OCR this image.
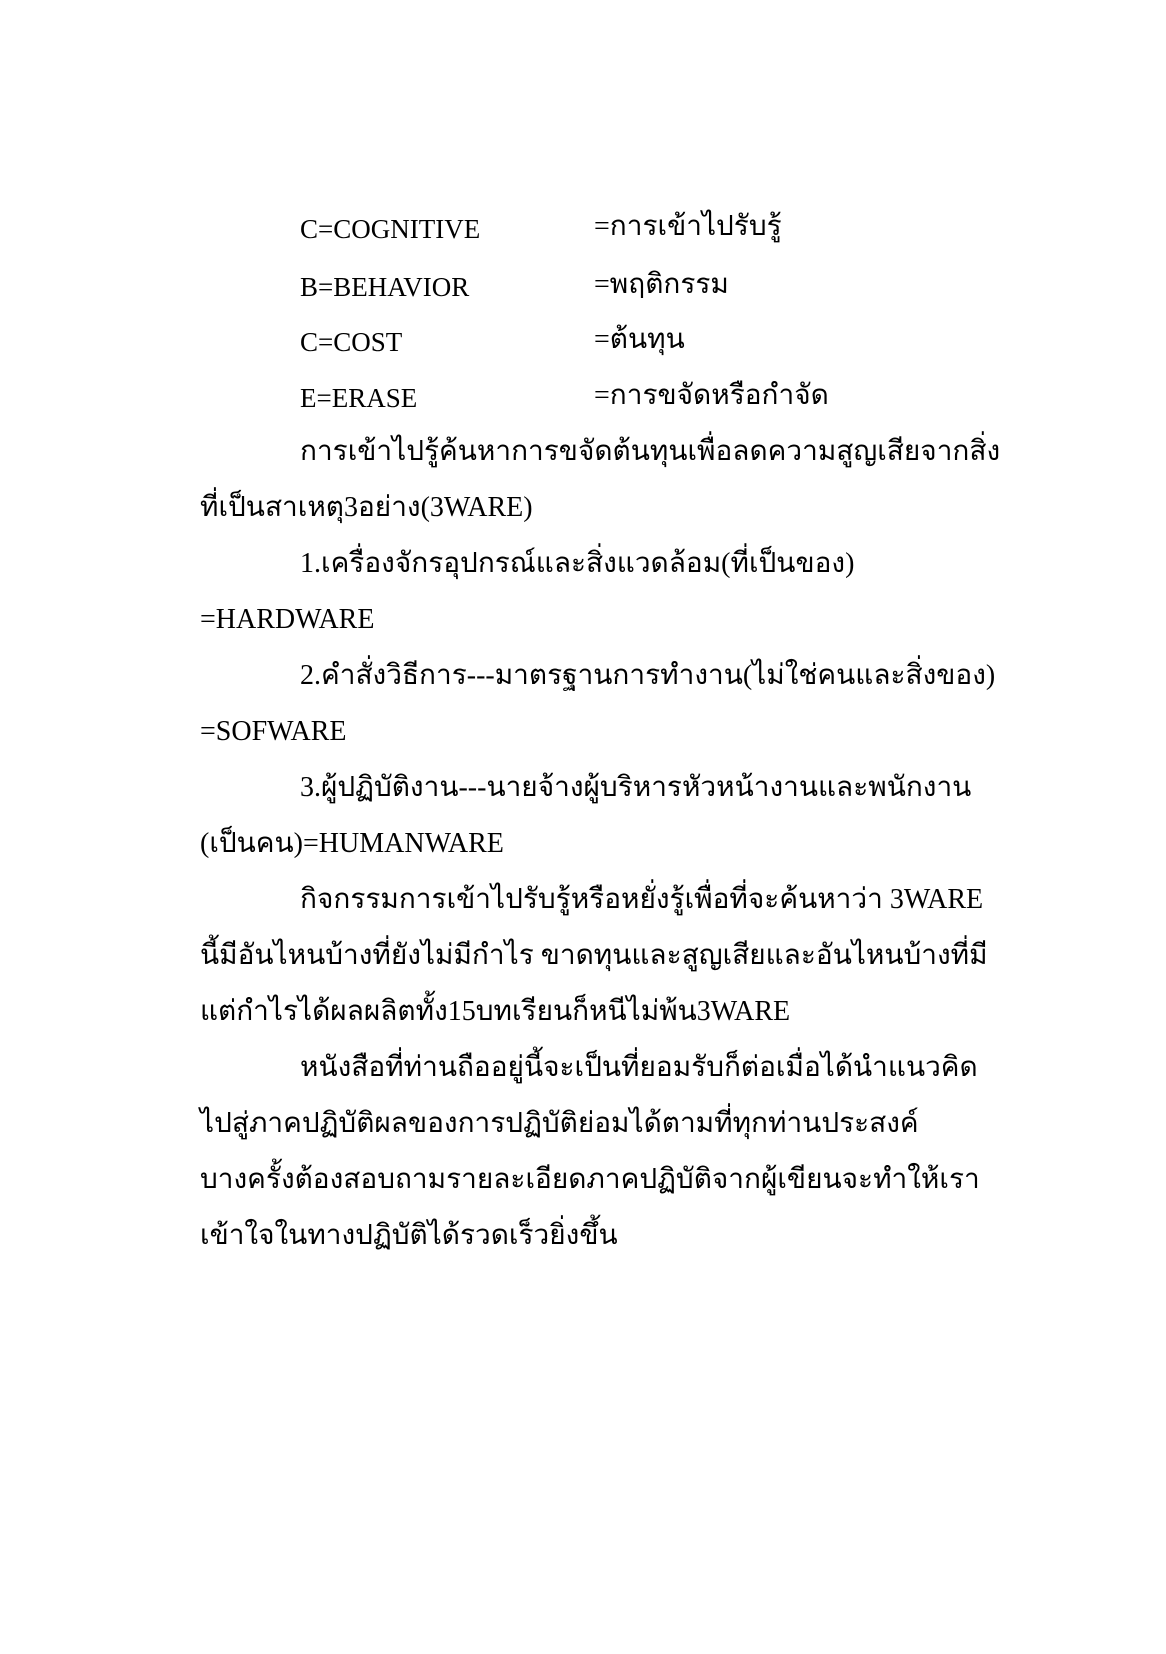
C=COGNITIVE	=การเข้าไปรับรู้
B=BEHAVIOR	=พฤติกรรม
C=COST	=ต้นทุน
E=ERASE	=การขจัดหรือกำจัด
การเข้าไปรู้ค้นหาการขจัดต้นทุนเพื่อลดความสูญเสียจากสิ่ง
ที่เป็นสาเหตุ3อย่าง(3WARE)
1.เครื่องจักรอุปกรณ์และสิ่งแวดล้อม(ที่เป็นของ)
=HARDWARE
2.คำสั่งวิธีการ---มาตรฐานการทำงาน(ไม่ใช่คนและสิ่งของ)
=SOFWARE
3.ผู้ปฏิบัติงาน---นายจ้างผู้บริหารหัวหน้างานและพนักงาน
(เป็นคน)=HUMANWARE
กิจกรรมการเข้าไปรับรู้หรือหยั่งรู้เพื่อที่จะค้นหาว่า 3WARE
นี้มีอันไหนบ้างที่ยังไม่มีกำไร ขาดทุนและสูญเสียและอันไหนบ้างที่มี
แต่กำไรได้ผลผลิตทั้ง15บทเรียนก็หนีไม่พ้น3WARE
หนังสือที่ท่านถืออยู่นี้จะเป็นที่ยอมรับก็ต่อเมื่อได้นำแนวคิด
ไปสู่ภาคปฏิบัติผลของการปฏิบัติย่อมได้ตามที่ทุกท่านประสงค์
บางครั้งต้องสอบถามรายละเอียดภาคปฏิบัติจากผู้เขียนจะทำให้เรา
เข้าใจในทางปฏิบัติได้รวดเร็วยิ่งขึ้น
